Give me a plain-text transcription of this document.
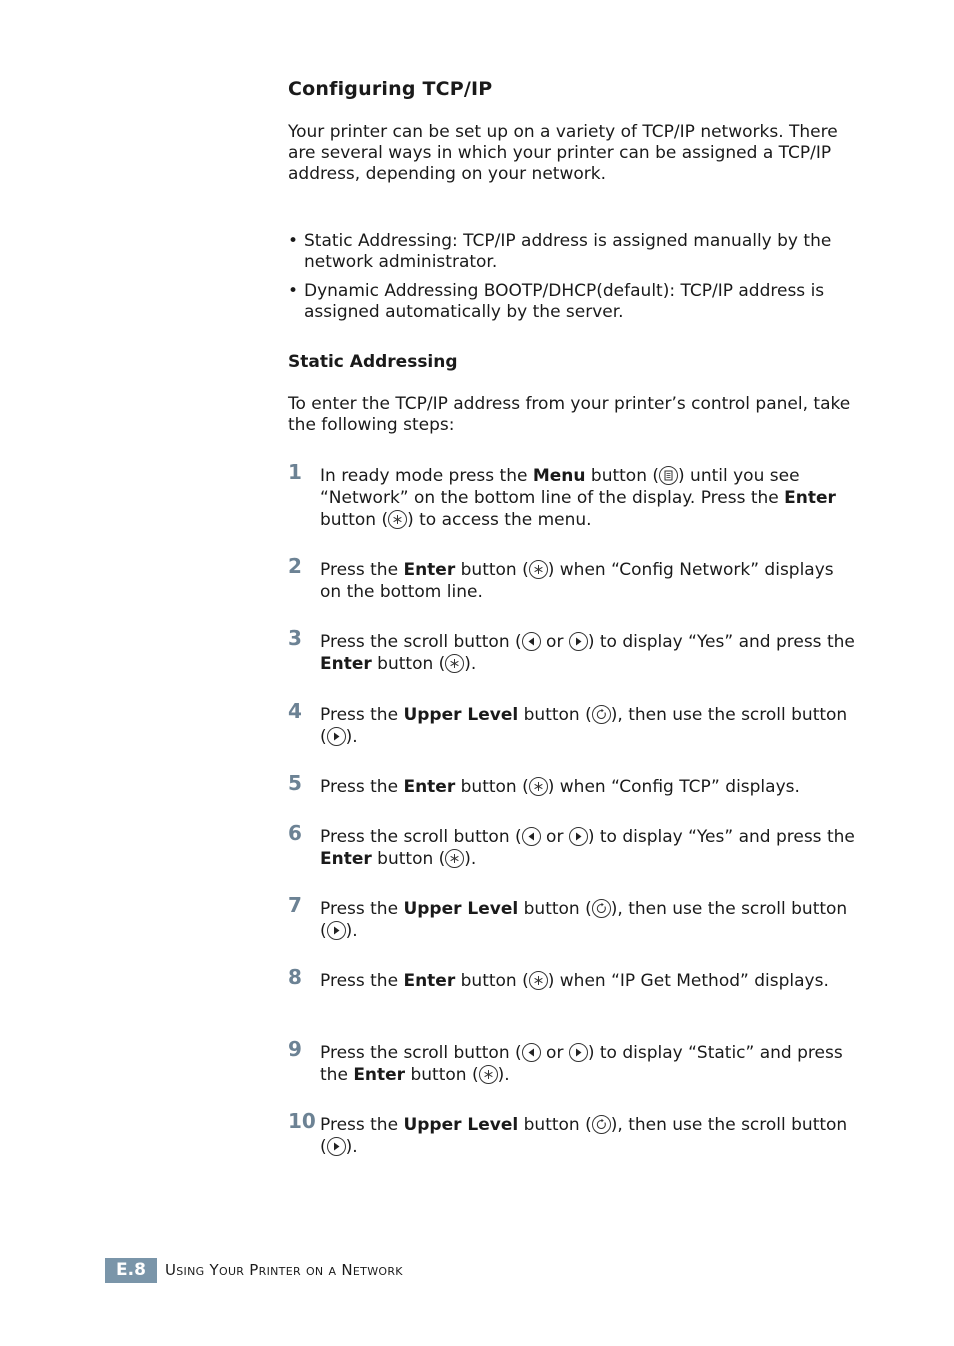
Configuring TCP/IP

Your printer can be set up on a variety of TCP/IP networks. There are several ways in which your printer can be assigned a TCP/IP address, depending on your network.

• Static Addressing: TCP/IP address is assigned manually by the network administrator.
• Dynamic Addressing BOOTP/DHCP(default): TCP/IP address is assigned automatically by the server.
Static Addressing

To enter the TCP/IP address from your printer’s control panel, take the following steps:

1 In ready mode press the Menu button ( ) until you see “Network” on the bottom line of the display. Press the Enter button ( ) to access the menu.
2 Press the Enter button ( ) when “Config Network” displays on the bottom line.
3 Press the scroll button (
or
) to display “Yes” and press the Enter button ( ).
4 Press the Upper Level button ( ), then use the scroll button ( ).
5 Press the Enter button ( ) when “Config TCP” displays.
6 Press the scroll button (
or
) to display “Yes” and press the Enter button ( ).
7 Press the Upper Level button ( ), then use the scroll button ( ).
8 Press the Enter button ( ) when “IP Get Method” displays.
9 Press the scroll button (
or
) to display “Static” and press the Enter button ( ).
10 Press the Upper Level button ( ), then use the scroll button ( ).
E.8	Using Your Printer on a Network
